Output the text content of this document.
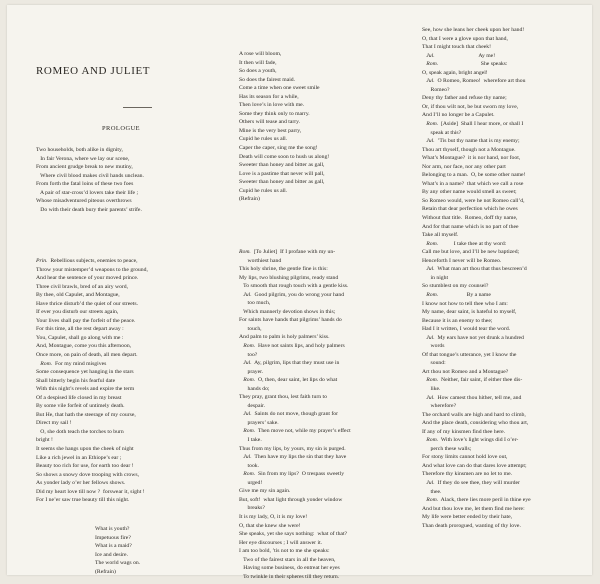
ROMEO AND JULIET
PROLOGUE
Two households, both alike in dignity,
In fair Verona, where we lay our scene,
From ancient grudge break to new mutiny,
Where civil blood makes civil hands unclean.
From forth the fatal loins of these two foes
A pair of star-cross’d lovers take their life ;
Whose misadventured piteous overthrows
Do with their death bury their parents’ strife.
Prin.  Rebellious subjects, enemies to peace,
Throw your mistemper’d weapons to the ground,
And hear the sentence of your moved prince.
Three civil brawls, bred of an airy word,
By thee, old Capulet, and Montague,
Have thrice disturb’d the quiet of our streets.
If ever you disturb our streets again,
Your lives shall pay the forfeit of the peace.
For this time, all the rest depart away :
You, Capulet, shall go along with me :
And, Montague, come you this afternoon,
Once more, on pain of death, all men depart.
Rom.  For my mind misgives
Some consequence yet hanging in the stars
Shall bitterly begin his fearful date
With this night’s revels and expire the term
Of a despised life closed in my breast
By some vile forfeit of untimely death.
But He, that hath the steerage of my course,
Direct my sail !
O, she doth teach the torches to burn
bright !
It seems she hangs upon the cheek of night
Like a rich jewel in an Ethiope’s ear ;
Beauty too rich for use, for earth too dear !
So shows a snowy dove trooping with crows,
As yonder lady o’er her fellows shows.
Did my heart love till now ?  forswear it, sight !
For I ne’er saw true beauty till this night.
What is youth?
Impetuous fire?
What is a maid?
Ice and desire.
The world wags on.
(Refrain)
A rose will bloom,
It then will fade,
So does a youth,
So does the fairest maid.
Come a time when one sweet smile
Has its season for a while,
Then love’s in love with me.
Some they think only to marry.
Others will tease and tarry.
Mine is the very best parry,
Cupid he rules us all.
Caper the caper, sing me the song!
Death will come soon to hush us along!
Sweeter than honey and bitter as gall,
Love is a pastime that never will pall,
Sweeter than honey and bitter as gall,
Cupid he rules us all.
(Refrain)
Rom.  [To Juliet]  If I profane with my un-
worthiest hand
This holy shrine, the gentle fine is this:
My lips, two blushing pilgrims, ready stand
To smooth that rough touch with a gentle kiss.
Jul.  Good pilgrim, you do wrong your hand
too much,
Which mannerly devotion shows in this;
For saints have hands that pilgrims’ hands do
touch,
And palm to palm is holy palmers’ kiss.
Rom.  Have not saints lips, and holy palmers
too?
Jul.  Ay, pilgrim, lips that they must use in
prayer.
Rom.  O, then, dear saint, let lips do what
hands do;
They pray, grant thou, lest faith turn to
despair.
Jul.  Saints do not move, though grant for
prayers’ sake.
Rom.  Then move not, while my prayer’s effect
I take.
Thus from my lips, by yours, my sin is purged.
Jul.  Then have my lips the sin that they have
took.
Rom.  Sin from my lips?  O trespass sweetly
urged!
Give me my sin again.
But, soft!  what light through yonder window
breaks?
It is my lady, O, it is my love!
O, that she knew she were!
She speaks, yet she says nothing:  what of that?
Her eye discourses ; I will answer it.
I am too bold, ’tis not to me she speaks:
Two of the fairest stars in all the heaven,
Having some business, do entreat her eyes
To twinkle in their spheres till they return.
See, how she leans her cheek upon her hand!
O, that I were a glove upon that hand,
That I might touch that cheek!
Jul.                               Ay me!
Rom.                              She speaks:
O, speak again, bright angel!
Jul.  O Romeo, Romeo!  wherefore art thou
Romeo?
Deny thy father and refuse thy name;
Or, if thou wilt not, be but sworn my love,
And I’ll no longer be a Capulet.
Rom.  [Aside]  Shall I hear more, or shall I
speak at this?
Jul.  ’Tis but thy name that is my enemy;
Thou art thyself, though not a Montague.
What’s Montague?  it is nor hand, nor foot,
Nor arm, nor face, nor any other part
Belonging to a man.  O, be some other name!
What’s in a name?  that which we call a rose
By any other name would smell as sweet;
So Romeo would, were he not Romeo call’d,
Retain that dear perfection which he owes
Without that title.  Romeo, doff thy name,
And for that name which is no part of thee
Take all myself.
Rom.           I take thee at thy word:
Call me but love, and I’ll be new baptized;
Henceforth I never will be Romeo.
Jul.  What man art thou that thus bescreen’d
in night
So stumblest on my counsel?
Rom.                    By a name
I know not how to tell thee who I am:
My name, dear saint, is hateful to myself,
Because it is an enemy to thee;
Had I it written, I would tear the word.
Jul.  My ears have not yet drunk a hundred
words
Of that tongue’s utterance, yet I know the
sound:
Art thou not Romeo and a Montague?
Rom.  Neither, fair saint, if either thee dis-
like.
Jul.  How camest thou hither, tell me, and
wherefore?
The orchard walls are high and hard to climb,
And the place death, considering who thou art,
If any of my kinsmen find thee here.
Rom.  With love’s light wings did I o’er-
perch these walls;
For stony limits cannot hold love out,
And what love can do that dares love attempt;
Therefore thy kinsmen are no let to me.
Jul.  If they do see thee, they will murder
thee.
Rom.  Alack, there lies more peril in thine eye
And but thou love me, let them find me here:
My life were better ended by their hate,
Than death prorogued, wanting of thy love.
